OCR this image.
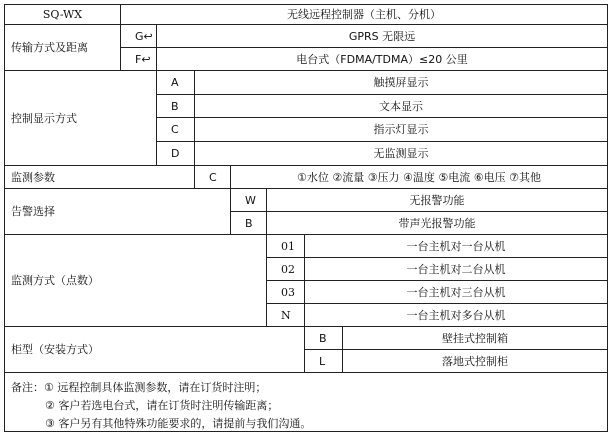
SQ-WX	无线远程控制器（主机、分机）
传输方式及距离
G↩	GPRS 无限远
F↩	电台式（FDMA/TDMA）≤20 公里
控制显示方式
A	触摸屏显示
B	文本显示
C	指示灯显示
D	无监测显示
监测参数	C	①水位 ②流量 ③压力 ④温度 ⑤电流 ⑥电压 ⑦其他
告警选择
W	无报警功能
B	带声光报警功能
监测方式（点数）
01	一台主机对一台从机
02	一台主机对二台从机
03	一台主机对三台从机
N	一台主机对多台从机
柜型（安装方式）
B	壁挂式控制箱
L	落地式控制柜
备注： ① 远程控制具体监测参数，请在订货时注明；
② 客户若选电台式，请在订货时注明传输距离；
③ 客户另有其他特殊功能要求的，请提前与我们沟通。
